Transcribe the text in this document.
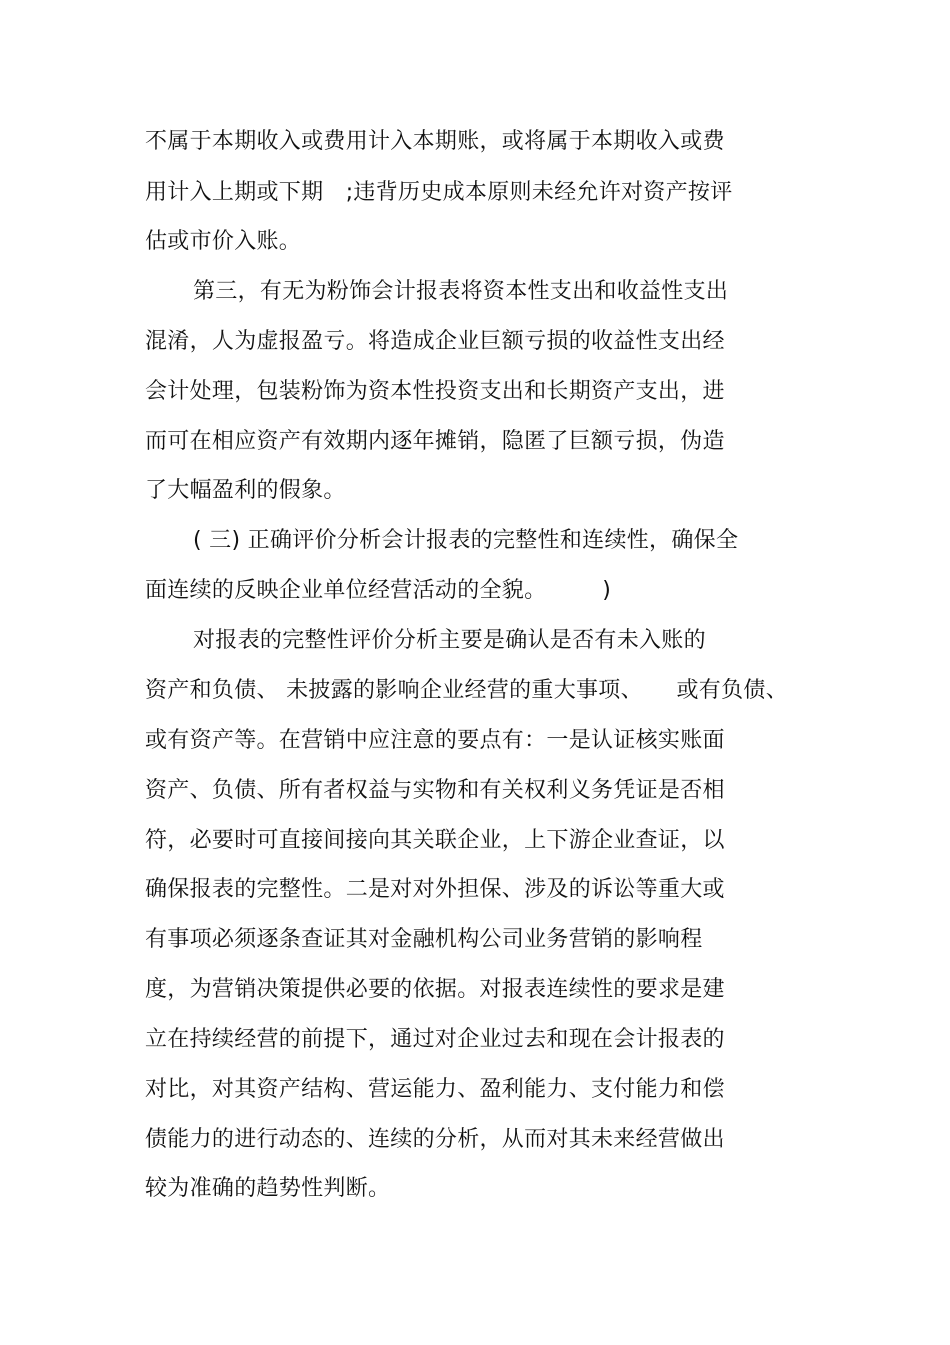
不属于本期收入或费用计入本期账，或将属于本期收入或费
用计入上期或下期　;违背历史成本原则未经允许对资产按评
估或市价入账。
第三，有无为粉饰会计报表将资本性支出和收益性支出
混淆，人为虚报盈亏。将造成企业巨额亏损的收益性支出经
会计处理，包装粉饰为资本性投资支出和长期资产支出，进
而可在相应资产有效期内逐年摊销，隐匿了巨额亏损，伪造
了大幅盈利的假象。
( 三) 正确评价分析会计报表的完整性和连续性，确保全
面连续的反映企业单位经营活动的全貌。　　　)
对报表的完整性评价分析主要是确认是否有未入账的
资产和负债、 未披露的影响企业经营的重大事项、　　或有负债、
或有资产等。在营销中应注意的要点有：一是认证核实账面
资产、负债、所有者权益与实物和有关权利义务凭证是否相
符，必要时可直接间接向其关联企业，上下游企业查证，以
确保报表的完整性。二是对对外担保、涉及的诉讼等重大或
有事项必须逐条查证其对金融机构公司业务营销的影响程
度，为营销决策提供必要的依据。对报表连续性的要求是建
立在持续经营的前提下，通过对企业过去和现在会计报表的
对比，对其资产结构、营运能力、盈利能力、支付能力和偿
债能力的进行动态的、连续的分析，从而对其未来经营做出
较为准确的趋势性判断。
